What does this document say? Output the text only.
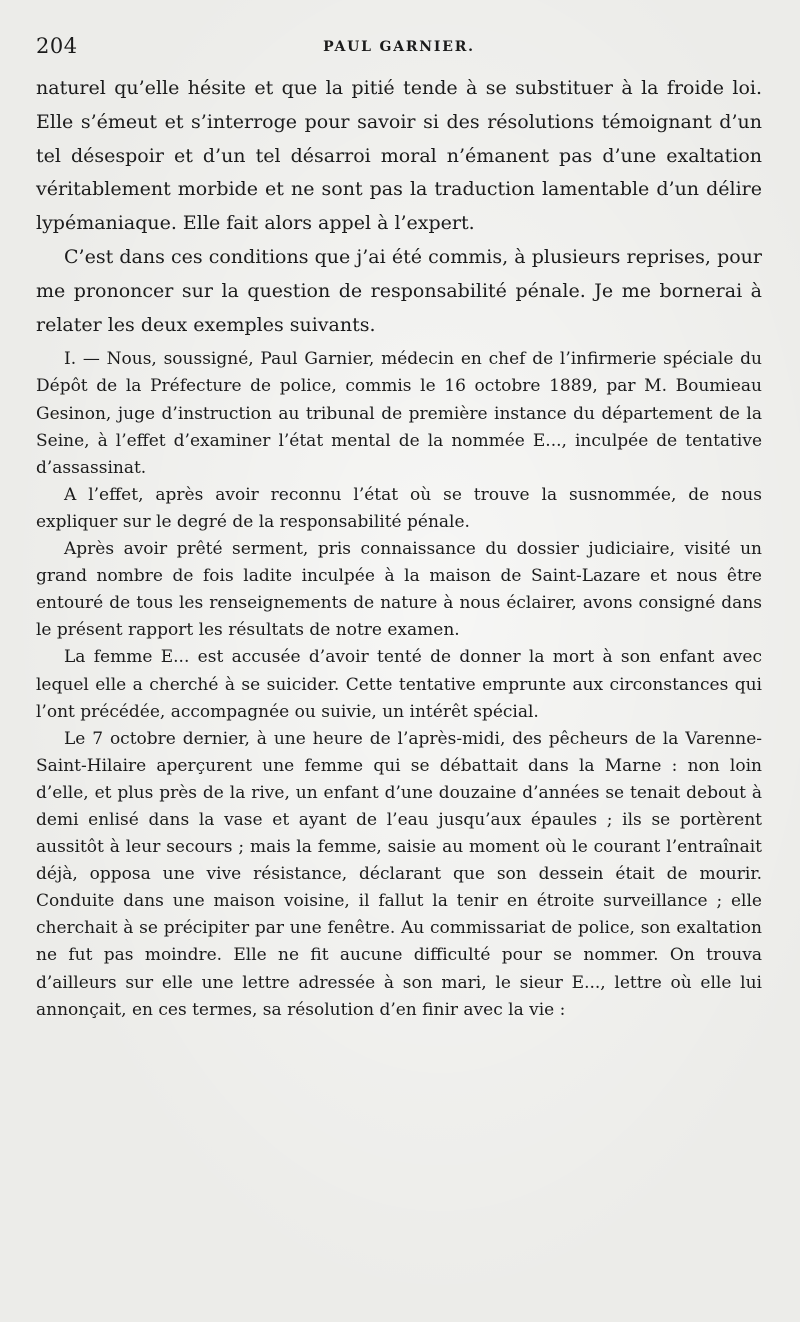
204	PAUL GARNIER.

naturel qu’elle hésite et que la pitié tende à se substituer à la froide loi. Elle s’émeut et s’interroge pour savoir si des résolutions témoignant d’un tel désespoir et d’un tel désarroi moral n’émanent pas d’une exaltation véritablement morbide et ne sont pas la traduction lamentable d’un délire lypémaniaque. Elle fait alors appel à l’expert.

C’est dans ces conditions que j’ai été commis, à plusieurs reprises, pour me prononcer sur la question de responsabilité pénale. Je me bornerai à relater les deux exemples suivants.

I. — Nous, soussigné, Paul Garnier, médecin en chef de l’infirmerie spéciale du Dépôt de la Préfecture de police, commis le 16 octobre 1889, par M. Boumieau Gesinon, juge d’instruction au tribunal de première instance du département de la Seine, à l’effet d’examiner l’état mental de la nommée E..., inculpée de tentative d’assassinat.

A l’effet, après avoir reconnu l’état où se trouve la susnommée, de nous expliquer sur le degré de la responsabilité pénale.

Après avoir prêté serment, pris connaissance du dossier judiciaire, visité un grand nombre de fois ladite inculpée à la maison de Saint-Lazare et nous être entouré de tous les renseignements de nature à nous éclairer, avons consigné dans le présent rapport les résultats de notre examen.

La femme E... est accusée d’avoir tenté de donner la mort à son enfant avec lequel elle a cherché à se suicider. Cette tentative emprunte aux circonstances qui l’ont précédée, accompagnée ou suivie, un intérêt spécial.

Le 7 octobre dernier, à une heure de l’après-midi, des pêcheurs de la Varenne-Saint-Hilaire aperçurent une femme qui se débattait dans la Marne : non loin d’elle, et plus près de la rive, un enfant d’une douzaine d’années se tenait debout à demi enlisé dans la vase et ayant de l’eau jusqu’aux épaules ; ils se portèrent aussitôt à leur secours ; mais la femme, saisie au moment où le courant l’entraînait déjà, opposa une vive résistance, déclarant que son dessein était de mourir. Conduite dans une maison voisine, il fallut la tenir en étroite surveillance ; elle cherchait à se précipiter par une fenêtre. Au commissariat de police, son exaltation ne fut pas moindre. Elle ne fit aucune difficulté pour se nommer. On trouva d’ailleurs sur elle une lettre adressée à son mari, le sieur E..., lettre où elle lui annonçait, en ces termes, sa résolution d’en finir avec la vie :
